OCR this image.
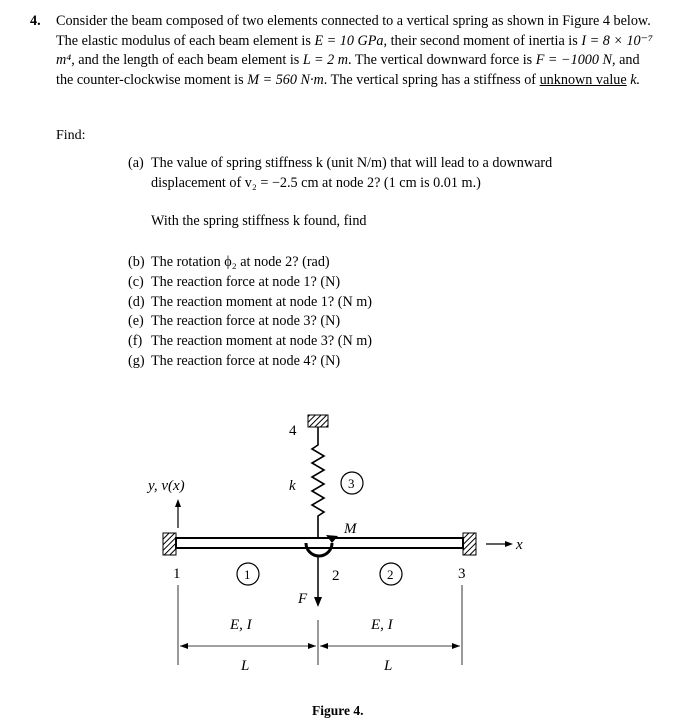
4. Consider the beam composed of two elements connected to a vertical spring as shown in Figure 4 below. The elastic modulus of each beam element is E = 10 GPa, their second moment of inertia is I = 8 × 10⁻⁷ m⁴, and the length of each beam element is L = 2 m. The vertical downward force is F = −1000 N, and the counter-clockwise moment is M = 560 N·m. The vertical spring has a stiffness of unknown value k.
Find:
(a) The value of spring stiffness k (unit N/m) that will lead to a downward displacement of v₂ = −2.5 cm at node 2? (1 cm is 0.01 m.)
With the spring stiffness k found, find
(b) The rotation ϕ₂ at node 2? (rad)
(c) The reaction force at node 1? (N)
(d) The reaction moment at node 1? (N m)
(e) The reaction force at node 3? (N)
(f) The reaction moment at node 3? (N m)
(g) The reaction force at node 4? (N)
4
k
y, v(x)	3
M
x
1	1	2	2	3
F
E, I	E, I
L	L
Figure 4.
